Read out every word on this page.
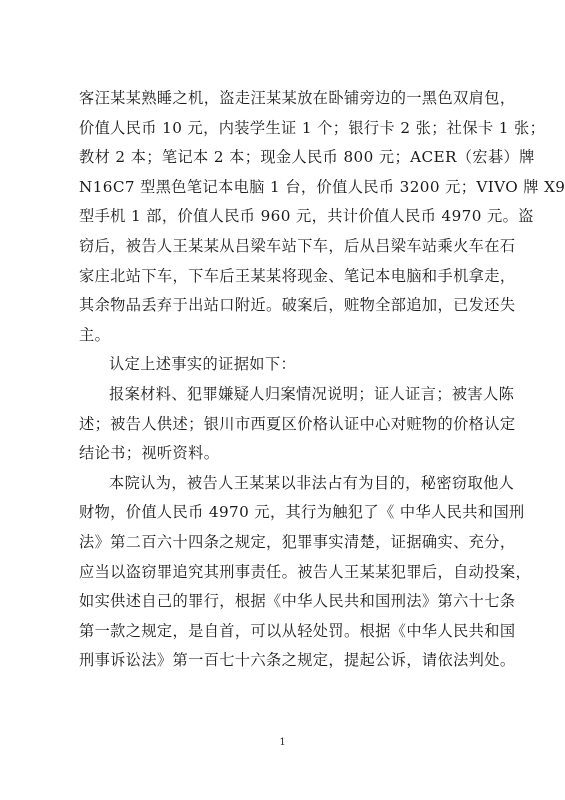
客汪某某熟睡之机，盗走汪某某放在卧铺旁边的一黑色双肩包，
价值人民币 10 元，内装学生证 1 个；银行卡 2 张；社保卡 1 张；
教材 2 本；笔记本 2 本；现金人民币 800 元；ACER（宏碁）牌
N16C7 型黑色笔记本电脑 1 台，价值人民币 3200 元；VIVO 牌 X9
型手机 1 部，价值人民币 960 元，共计价值人民币 4970 元。盗
窃后，被告人王某某从吕梁车站下车，后从吕梁车站乘火车在石
家庄北站下车，下车后王某某将现金、笔记本电脑和手机拿走，
其余物品丢弃于出站口附近。破案后，赃物全部追加，已发还失
主。
认定上述事实的证据如下：
报案材料、犯罪嫌疑人归案情况说明；证人证言；被害人陈
述；被告人供述；银川市西夏区价格认证中心对赃物的价格认定
结论书；视听资料。
本院认为，被告人王某某以非法占有为目的，秘密窃取他人
财物，价值人民币 4970 元，其行为触犯了《 中华人民共和国刑
法》第二百六十四条之规定，犯罪事实清楚，证据确实、充分，
应当以盗窃罪追究其刑事责任。被告人王某某犯罪后，自动投案，
如实供述自己的罪行，根据《中华人民共和国刑法》第六十七条
第一款之规定，是自首，可以从轻处罚。根据《中华人民共和国
刑事诉讼法》第一百七十六条之规定，提起公诉，请依法判处。
1
